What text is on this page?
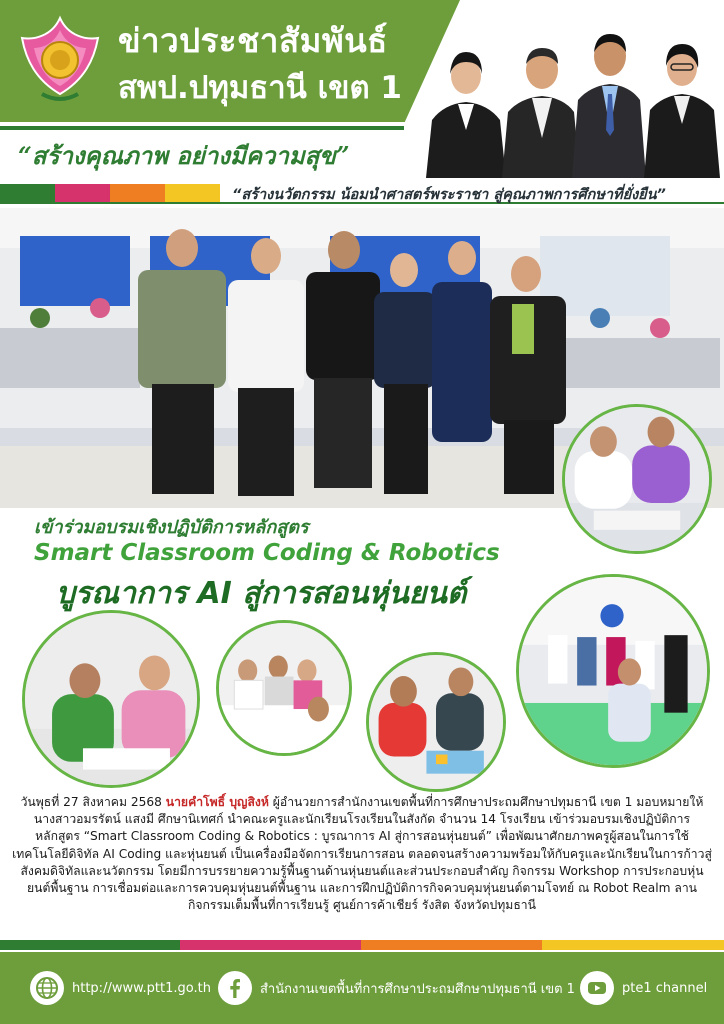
ข่าวประชาสัมพันธ์
สพป.ปทุมธานี เขต 1
“สร้างคุณภาพ อย่างมีความสุข”
“สร้างนวัตกรรม น้อมนำศาสตร์พระราชา สู่คุณภาพการศึกษาที่ยั่งยืน”
เข้าร่วมอบรมเชิงปฏิบัติการหลักสูตร
Smart Classroom Coding & Robotics
บูรณาการ AI สู่การสอนหุ่นยนต์
วันพุธที่ 27 สิงหาคม 2568 นายคำโพธิ์ บุญสิงห์ ผู้อำนวยการสำนักงานเขตพื้นที่การศึกษาประถมศึกษาปทุมธานี เขต 1 มอบหมายให้ นางสาวอมรรัตน์ แสงมี ศึกษานิเทศก์ นำคณะครูและนักเรียนโรงเรียนในสังกัด จำนวน 14 โรงเรียน เข้าร่วมอบรมเชิงปฏิบัติการหลักสูตร “Smart Classroom Coding & Robotics : บูรณาการ AI สู่การสอนหุ่นยนต์” เพื่อพัฒนาศักยภาพครูผู้สอนในการใช้เทคโนโลยีดิจิทัล AI Coding และหุ่นยนต์ เป็นเครื่องมือจัดการเรียนการสอน ตลอดจนสร้างความพร้อมให้กับครูและนักเรียนในการก้าวสู่สังคมดิจิทัลและนวัตกรรม โดยมีการบรรยายความรู้พื้นฐานด้านหุ่นยนต์และส่วนประกอบสำคัญ กิจกรรม Workshop การประกอบหุ่นยนต์พื้นฐาน การเชื่อมต่อและการควบคุมหุ่นยนต์พื้นฐาน และการฝึกปฏิบัติการกิจควบคุมหุ่นยนต์ตามโจทย์ ณ Robot Realm ลานกิจกรรมเต็มพื้นที่การเรียนรู้ ศูนย์การค้าเชียร์ รังสิต จังหวัดปทุมธานี
http://www.ptt1.go.th	สำนักงานเขตพื้นที่การศึกษาประถมศึกษาปทุมธานี เขต 1	pte1 channel
